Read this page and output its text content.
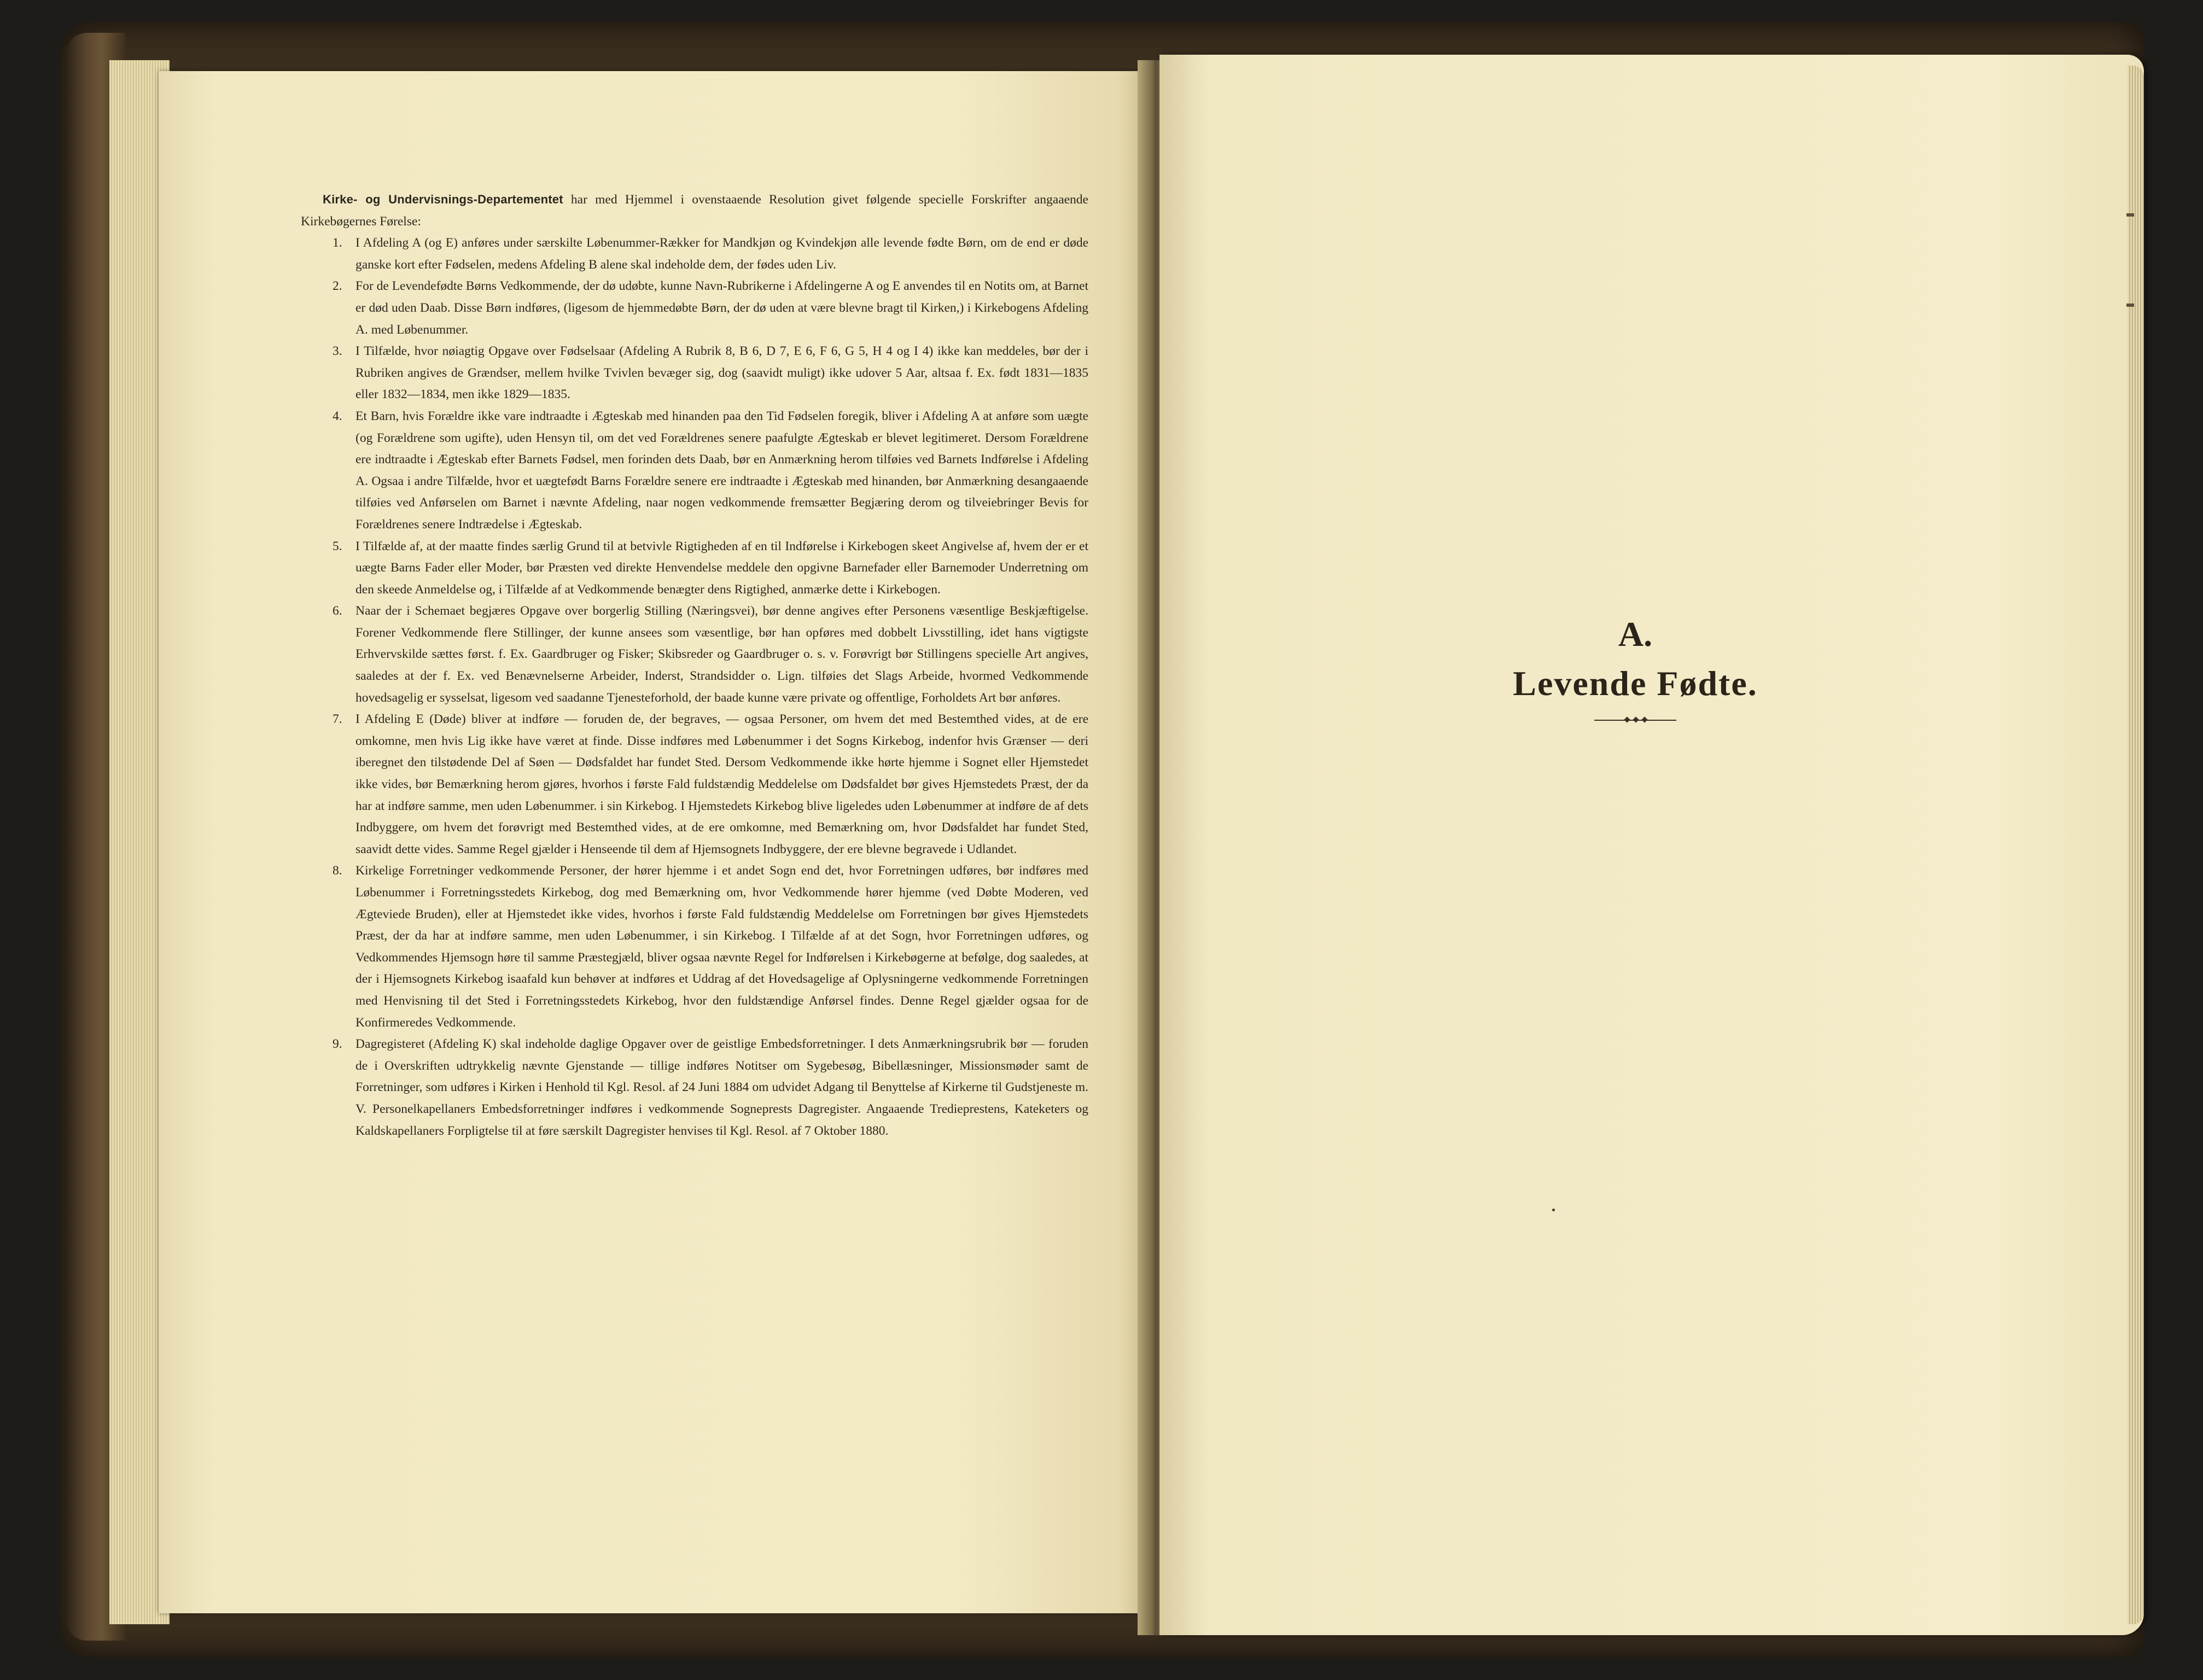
Kirke- og Undervisnings-Departementet har med Hjemmel i ovenstaaende Resolution givet følgende specielle Forskrifter angaaende Kirkebøgernes Førelse:
1. I Afdeling A (og E) anføres under særskilte Løbenummer-Rækker for Mandkjøn og Kvindekjøn alle levende fødte Børn, om de end er døde ganske kort efter Fødselen, medens Afdeling B alene skal indeholde dem, der fødes uden Liv.
2. For de Levendefødte Børns Vedkommende, der dø udøbte, kunne Navn-Rubrikerne i Afdelingerne A og E anvendes til en Notits om, at Barnet er død uden Daab. Disse Børn indføres, (ligesom de hjemmedøbte Børn, der dø uden at være blevne bragt til Kirken,) i Kirkebogens Afdeling A. med Løbenummer.
3. I Tilfælde, hvor nøiagtig Opgave over Fødselsaar (Afdeling A Rubrik 8, B 6, D 7, E 6, F 6, G 5, H 4 og I 4) ikke kan meddeles, bør der i Rubriken angives de Grændser, mellem hvilke Tvivlen bevæger sig, dog (saavidt muligt) ikke udover 5 Aar, altsaa f. Ex. født 1831—1835 eller 1832—1834, men ikke 1829—1835.
4. Et Barn, hvis Forældre ikke vare indtraadte i Ægteskab med hinanden paa den Tid Fødselen foregik, bliver i Afdeling A at anføre som uægte (og Forældrene som ugifte), uden Hensyn til, om det ved Forældrenes senere paafulgte Ægteskab er blevet legitimeret. Dersom Forældrene ere indtraadte i Ægteskab efter Barnets Fødsel, men forinden dets Daab, bør en Anmærkning herom tilføies ved Barnets Indførelse i Afdeling A. Ogsaa i andre Tilfælde, hvor et uægtefødt Barns Forældre senere ere indtraadte i Ægteskab med hinanden, bør Anmærkning desangaaende tilføies ved Anførselen om Barnet i nævnte Afdeling, naar nogen vedkommende fremsætter Begjæring derom og tilveiebringer Bevis for Forældrenes senere Indtrædelse i Ægteskab.
5. I Tilfælde af, at der maatte findes særlig Grund til at betvivle Rigtigheden af en til Indførelse i Kirkebogen skeet Angivelse af, hvem der er et uægte Barns Fader eller Moder, bør Præsten ved direkte Henvendelse meddele den opgivne Barnefader eller Barnemoder Underretning om den skeede Anmeldelse og, i Tilfælde af at Vedkommende benægter dens Rigtighed, anmærke dette i Kirkebogen.
6. Naar der i Schemaet begjæres Opgave over borgerlig Stilling (Næringsvei), bør denne angives efter Personens væsentlige Beskjæftigelse. Forener Vedkommende flere Stillinger, der kunne ansees som væsentlige, bør han opføres med dobbelt Livsstilling, idet hans vigtigste Erhvervskilde sættes først. f. Ex. Gaardbruger og Fisker; Skibsreder og Gaardbruger o. s. v. Forøvrigt bør Stillingens specielle Art angives, saaledes at der f. Ex. ved Benævnelserne Arbeider, Inderst, Strandsidder o. Lign. tilføies det Slags Arbeide, hvormed Vedkommende hovedsagelig er sysselsat, ligesom ved saadanne Tjenesteforhold, der baade kunne være private og offentlige, Forholdets Art bør anføres.
7. I Afdeling E (Døde) bliver at indføre — foruden de, der begraves, — ogsaa Personer, om hvem det med Bestemthed vides, at de ere omkomne, men hvis Lig ikke have været at finde. Disse indføres med Løbenummer i det Sogns Kirkebog, indenfor hvis Grænser — deri iberegnet den tilstødende Del af Søen — Dødsfaldet har fundet Sted. Dersom Vedkommende ikke hørte hjemme i Sognet eller Hjemstedet ikke vides, bør Bemærkning herom gjøres, hvorhos i første Fald fuldstændig Meddelelse om Dødsfaldet bør gives Hjemstedets Præst, der da har at indføre samme, men uden Løbenummer. i sin Kirkebog. I Hjemstedets Kirkebog blive ligeledes uden Løbenummer at indføre de af dets Indbyggere, om hvem det forøvrigt med Bestemthed vides, at de ere omkomne, med Bemærkning om, hvor Dødsfaldet har fundet Sted, saavidt dette vides. Samme Regel gjælder i Henseende til dem af Hjemsognets Indbyggere, der ere blevne begravede i Udlandet.
8. Kirkelige Forretninger vedkommende Personer, der hører hjemme i et andet Sogn end det, hvor Forretningen udføres, bør indføres med Løbenummer i Forretningsstedets Kirkebog, dog med Bemærkning om, hvor Vedkommende hører hjemme (ved Døbte Moderen, ved Ægteviede Bruden), eller at Hjemstedet ikke vides, hvorhos i første Fald fuldstændig Meddelelse om Forretningen bør gives Hjemstedets Præst, der da har at indføre samme, men uden Løbenummer, i sin Kirkebog. I Tilfælde af at det Sogn, hvor Forretningen udføres, og Vedkommendes Hjemsogn høre til samme Præstegjæld, bliver ogsaa nævnte Regel for Indførelsen i Kirkebøgerne at befølge, dog saaledes, at der i Hjemsognets Kirkebog isaafald kun behøver at indføres et Uddrag af det Hovedsagelige af Oplysningerne vedkommende Forretningen med Henvisning til det Sted i Forretningsstedets Kirkebog, hvor den fuldstændige Anførsel findes. Denne Regel gjælder ogsaa for de Konfirmeredes Vedkommende.
9. Dagregisteret (Afdeling K) skal indeholde daglige Opgaver over de geistlige Embedsforretninger. I dets Anmærkningsrubrik bør — foruden de i Overskriften udtrykkelig nævnte Gjenstande — tillige indføres Notitser om Sygebesøg, Bibellæsninger, Missionsmøder samt de Forretninger, som udføres i Kirken i Henhold til Kgl. Resol. af 24 Juni 1884 om udvidet Adgang til Benyttelse af Kirkerne til Gudstjeneste m. V. Personelkapellaners Embedsforretninger indføres i vedkommende Sogneprests Dagregister. Angaaende Tredieprestens, Kateketers og Kaldskapellaners Forpligtelse til at føre særskilt Dagregister henvises til Kgl. Resol. af 7 Oktober 1880.
A.
Levende Fødte.
